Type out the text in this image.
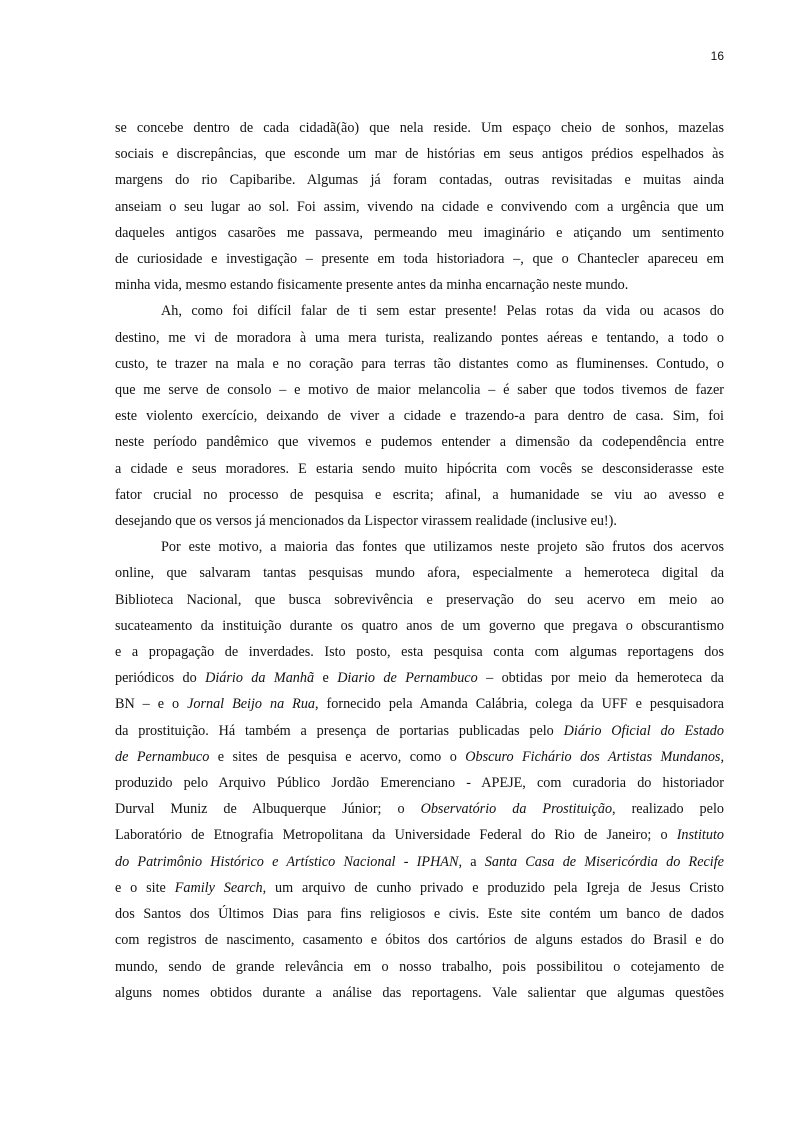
16

se concebe dentro de cada cidadã(ão) que nela reside. Um espaço cheio de sonhos, mazelas
sociais e discrepâncias, que esconde um mar de histórias em seus antigos prédios espelhados às
margens do rio Capibaribe. Algumas já foram contadas, outras revisitadas e muitas ainda
anseiam o seu lugar ao sol. Foi assim, vivendo na cidade e convivendo com a urgência que um
daqueles antigos casarões me passava, permeando meu imaginário e atiçando um sentimento
de curiosidade e investigação – presente em toda historiadora –, que o Chantecler apareceu em
minha vida, mesmo estando fisicamente presente antes da minha encarnação neste mundo.

Ah, como foi difícil falar de ti sem estar presente! Pelas rotas da vida ou acasos do
destino, me vi de moradora à uma mera turista, realizando pontes aéreas e tentando, a todo o
custo, te trazer na mala e no coração para terras tão distantes como as fluminenses. Contudo, o
que me serve de consolo – e motivo de maior melancolia – é saber que todos tivemos de fazer
este violento exercício, deixando de viver a cidade e trazendo-a para dentro de casa. Sim, foi
neste período pandêmico que vivemos e pudemos entender a dimensão da codependência entre
a cidade e seus moradores. E estaria sendo muito hipócrita com vocês se desconsiderasse este
fator crucial no processo de pesquisa e escrita; afinal, a humanidade se viu ao avesso e
desejando que os versos já mencionados da Lispector virassem realidade (inclusive eu!).

Por este motivo, a maioria das fontes que utilizamos neste projeto são frutos dos acervos
online, que salvaram tantas pesquisas mundo afora, especialmente a hemeroteca digital da
Biblioteca Nacional, que busca sobrevivência e preservação do seu acervo em meio ao
sucateamento da instituição durante os quatro anos de um governo que pregava o obscurantismo
e a propagação de inverdades. Isto posto, esta pesquisa conta com algumas reportagens dos
periódicos do Diário da Manhã e Diario de Pernambuco – obtidas por meio da hemeroteca da
BN – e o Jornal Beijo na Rua, fornecido pela Amanda Calábria, colega da UFF e pesquisadora
da prostituição. Há também a presença de portarias publicadas pelo Diário Oficial do Estado
de Pernambuco e sites de pesquisa e acervo, como o Obscuro Fichário dos Artistas Mundanos,
produzido pelo Arquivo Público Jordão Emerenciano - APEJE, com curadoria do historiador
Durval Muniz de Albuquerque Júnior; o Observatório da Prostituição, realizado pelo
Laboratório de Etnografia Metropolitana da Universidade Federal do Rio de Janeiro; o Instituto
do Patrimônio Histórico e Artístico Nacional - IPHAN, a Santa Casa de Misericórdia do Recife
e o site Family Search, um arquivo de cunho privado e produzido pela Igreja de Jesus Cristo
dos Santos dos Últimos Dias para fins religiosos e civis. Este site contém um banco de dados
com registros de nascimento, casamento e óbitos dos cartórios de alguns estados do Brasil e do
mundo, sendo de grande relevância em o nosso trabalho, pois possibilitou o cotejamento de
alguns nomes obtidos durante a análise das reportagens. Vale salientar que algumas questões
